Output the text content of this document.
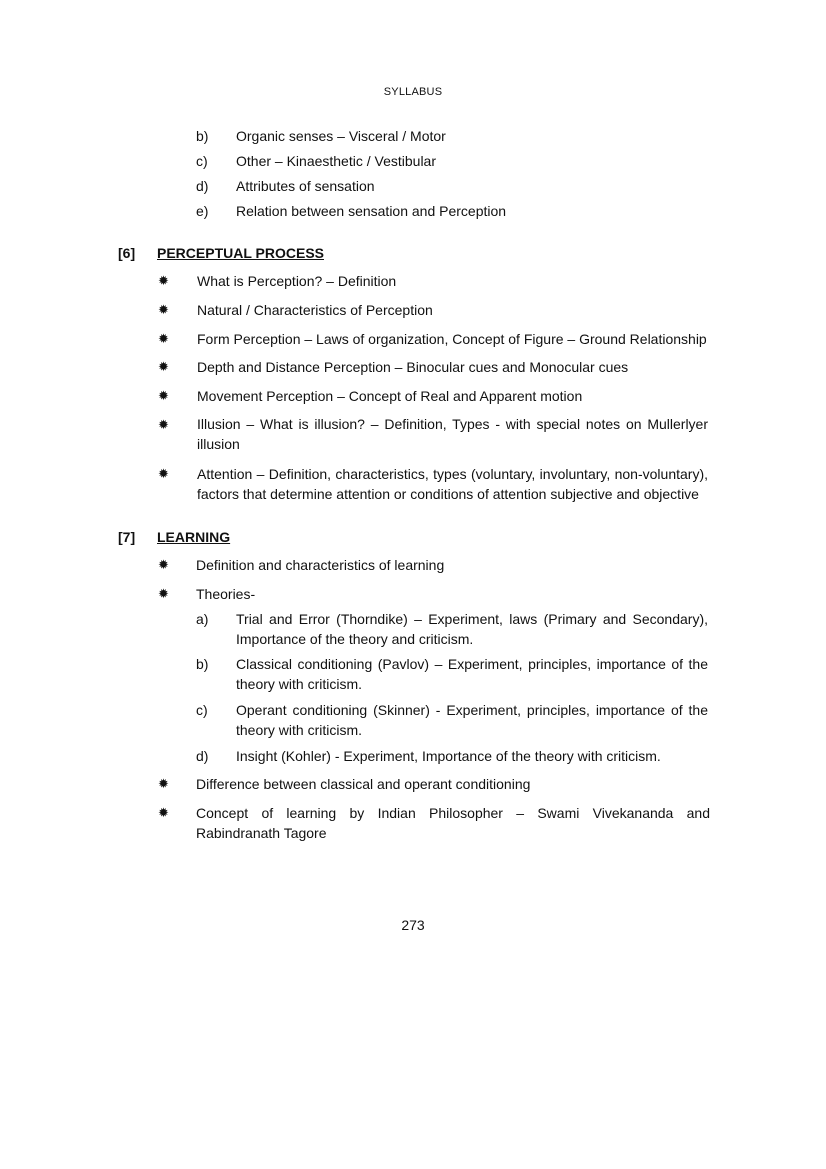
SYLLABUS
b) Organic senses – Visceral / Motor
c) Other – Kinaesthetic / Vestibular
d) Attributes of sensation
e) Relation between sensation and Perception
[6] PERCEPTUAL PROCESS
✹ What is Perception? – Definition
✹ Natural / Characteristics of Perception
✹ Form Perception – Laws of organization, Concept of Figure – Ground Relationship
✹ Depth and Distance Perception – Binocular cues and Monocular cues
✹ Movement Perception – Concept of Real and Apparent motion
✹ Illusion – What is illusion? – Definition, Types - with special notes on Mullerlyer illusion
✹ Attention – Definition, characteristics, types (voluntary, involuntary, non-voluntary), factors that determine attention or conditions of attention subjective and objective
[7] LEARNING
✹ Definition and characteristics of learning
✹ Theories-
a) Trial and Error (Thorndike) – Experiment, laws (Primary and Secondary), Importance of the theory and criticism.
b) Classical conditioning (Pavlov) – Experiment, principles, importance of the theory with criticism.
c) Operant conditioning (Skinner) - Experiment, principles, importance of the theory with criticism.
d) Insight (Kohler) - Experiment, Importance of the theory with criticism.
✹ Difference between classical and operant conditioning
✹ Concept of learning by Indian Philosopher – Swami Vivekananda and Rabindranath Tagore
273
